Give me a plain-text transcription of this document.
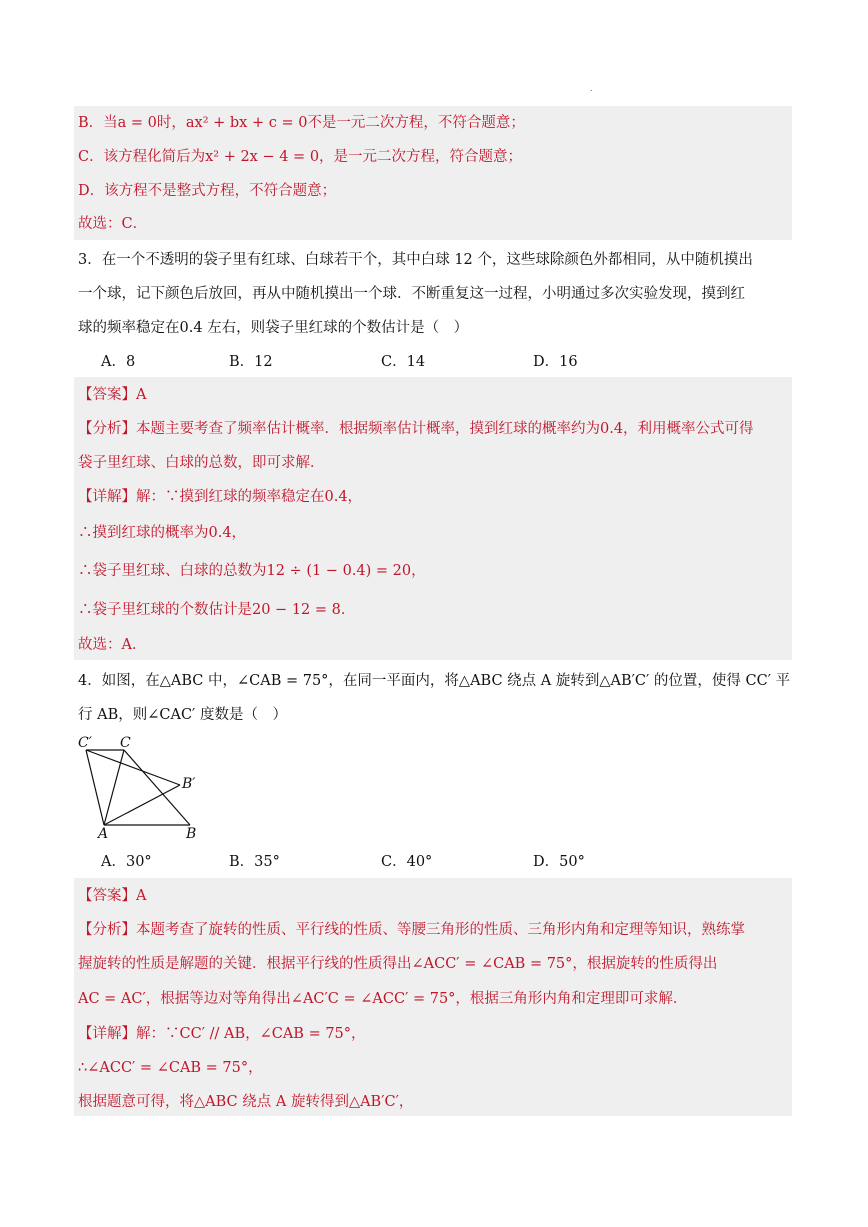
.
B．当a = 0时，ax² + bx + c = 0不是一元二次方程，不符合题意；
C．该方程化简后为x² + 2x − 4 = 0，是一元二次方程，符合题意；
D．该方程不是整式方程，不符合题意；
故选：C．
3．在一个不透明的袋子里有红球、白球若干个，其中白球 12 个，这些球除颜色外都相同，从中随机摸出
一个球，记下颜色后放回，再从中随机摸出一个球．不断重复这一过程，小明通过多次实验发现，摸到红
球的频率稳定在0.4 左右，则袋子里红球的个数估计是（　）
A．8	B．12	C．14	D．16
【答案】A
【分析】本题主要考查了频率估计概率．根据频率估计概率，摸到红球的概率约为0.4，利用概率公式可得
袋子里红球、白球的总数，即可求解．
【详解】解：∵摸到红球的频率稳定在0.4，
∴摸到红球的概率为0.4，
∴袋子里红球、白球的总数为12 ÷ (1 − 0.4) = 20，
∴袋子里红球的个数估计是20 − 12 = 8．
故选：A．
4．如图，在△ABC 中，∠CAB = 75°，在同一平面内，将△ABC 绕点 A 旋转到△AB′C′ 的位置，使得 CC′ 平
行 AB，则∠CAC′ 度数是（　）
C′ C
B′
A	B
A．30°	B．35°	C．40°	D．50°
【答案】A
【分析】本题考查了旋转的性质、平行线的性质、等腰三角形的性质、三角形内角和定理等知识，熟练掌
握旋转的性质是解题的关键．根据平行线的性质得出∠ACC′ = ∠CAB = 75°，根据旋转的性质得出
AC = AC′，根据等边对等角得出∠AC′C = ∠ACC′ = 75°，根据三角形内角和定理即可求解．
【详解】解：∵CC′ // AB，∠CAB = 75°，
∴∠ACC′ = ∠CAB = 75°，
根据题意可得，将△ABC 绕点 A 旋转得到△AB′C′，
